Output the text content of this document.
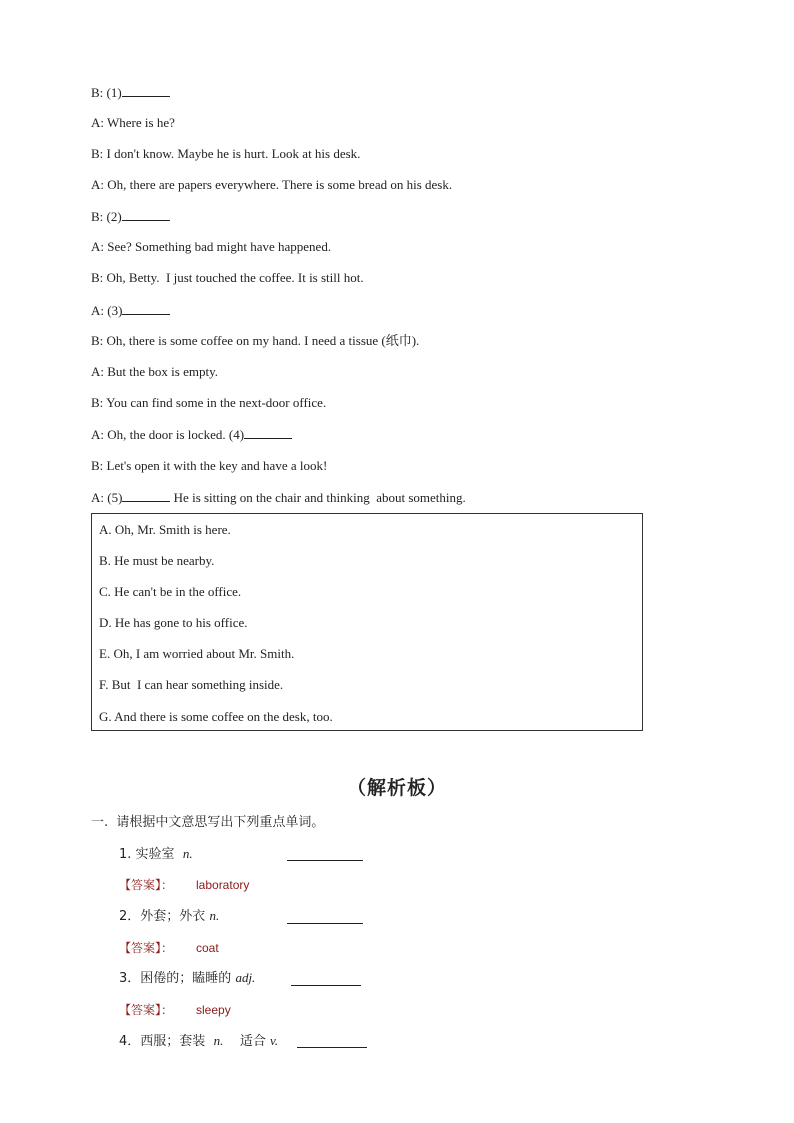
B: (1)
A: Where is he?
B: I don't know. Maybe he is hurt. Look at his desk.
A: Oh, there are papers everywhere. There is some bread on his desk.
B: (2)
A: See? Something bad might have happened.
B: Oh, Betty.  I just touched the coffee. It is still hot.
A: (3)
B: Oh, there is some coffee on my hand. I need a tissue (纸巾).
A: But the box is empty.
B: You can find some in the next-door office.
A: Oh, the door is locked. (4)
B: Let's open it with the key and have a look!
A: (5)	He is sitting on the chair and thinking  about something.
A. Oh, Mr. Smith is here.
B. He must be nearby.
C. He can't be in the office.
D. He has gone to his office.
E. Oh, I am worried about Mr. Smith.
F. But  I can hear something inside.
G. And there is some coffee on the desk, too.
（解析板）
一.  请根据中文意思写出下列重点单词。
1. 实验室 n.
【答案】： laboratory
2．外套；外衣 n.
【答案】： coat
3．困倦的；瞌睡的 adj.
【答案】： sleepy
4．西服；套装 n. 适合 v.
